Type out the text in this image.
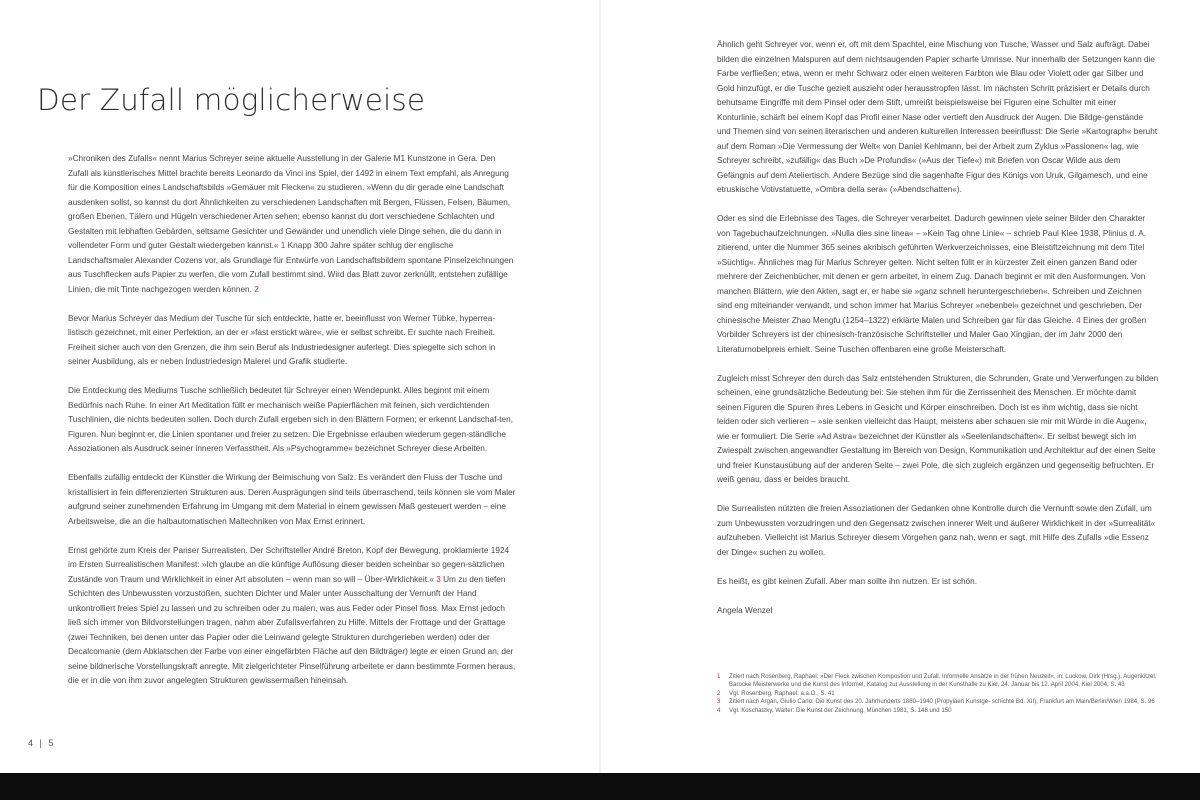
Der Zufall möglicherweise

»Chroniken des Zufalls« nennt Marius Schreyer seine aktuelle Ausstellung in der Galerie M1 Kunstzone in Gera. Den Zufall als künstlerisches Mittel brachte bereits Leonardo da Vinci ins Spiel, der 1492 in einem Text empfahl, als Anregung für die Komposition eines Landschaftsbilds »Gemäuer mit Flecken« zu studieren. »Wenn du dir gerade eine Landschaft ausdenken sollst, so kannst du dort Ähnlichkeiten zu verschiedenen Landschaften mit Bergen, Flüssen, Felsen, Bäumen, großen Ebenen, Tälern und Hügeln verschiedener Arten sehen; ebenso kannst du dort verschiedene Schlachten und Gestalten mit lebhaften Gebärden, seltsame Gesichter und Gewänder und unendlich viele Dinge sehen, die du dann in vollendeter Form und guter Gestalt wiedergeben kannst.« 1 Knapp 300 Jahre später schlug der englische Landschaftsmaler Alexander Cozens vor, als Grundlage für Entwürfe von Landschaftsbildern spontane Pinselzeichnungen aus Tuschflecken aufs Papier zu werfen, die vom Zufall bestimmt sind. Wird das Blatt zuvor zerknüllt, entstehen zufällige Linien, die mit Tinte nachgezogen werden können. 2

Bevor Marius Schreyer das Medium der Tusche für sich entdeckte, hatte er, beeinflusst von Werner Tübke, hyperrea-listisch gezeichnet, mit einer Perfektion, an der er »fast erstickt wäre«, wie er selbst schreibt. Er suchte nach Freiheit. Freiheit sicher auch von den Grenzen, die ihm sein Beruf als Industriedesigner auferlegt. Dies spiegelte sich schon in seiner Ausbildung, als er neben Industriedesign Malerei und Grafik studierte.

Die Entdeckung des Mediums Tusche schließlich bedeutet für Schreyer einen Wendepunkt. Alles beginnt mit einem Bedürfnis nach Ruhe. In einer Art Meditation füllt er mechanisch weiße Papierflächen mit feinen, sich verdichtenden Tuschlinien, die nichts bedeuten sollen. Doch durch Zufall ergeben sich in den Blättern Formen; er erkennt Landschaf-ten, Figuren. Nun beginnt er, die Linien spontaner und freier zu setzen. Die Ergebnisse erlauben wiederum gegen-ständliche Assoziationen als Ausdruck seiner inneren Verfasstheit. Als »Psychogramme« bezeichnet Schreyer diese Arbeiten.

Ebenfalls zufällig entdeckt der Künstler die Wirkung der Beimischung von Salz. Es verändert den Fluss der Tusche und kristallisiert in fein differenzierten Strukturen aus. Deren Ausprägungen sind teils überraschend, teils können sie vom Maler aufgrund seiner zunehmenden Erfahrung im Umgang mit dem Material in einem gewissen Maß gesteuert werden – eine Arbeitsweise, die an die halbautomatischen Maltechniken von Max Ernst erinnert.

Ernst gehörte zum Kreis der Pariser Surrealisten. Der Schriftsteller André Breton, Kopf der Bewegung, proklamierte 1924 im Ersten Surrealistischen Manifest: »Ich glaube an die künftige Auflösung dieser beiden scheinbar so gegen-sätzlichen Zustände von Traum und Wirklichkeit in einer Art absoluten – wenn man so will – Über-Wirklichkeit.« 3 Um zu den tiefen Schichten des Unbewussten vorzustoßen, suchten Dichter und Maler unter Ausschaltung der Vernunft der Hand unkontrolliert freies Spiel zu lassen und zu schreiben oder zu malen, was aus Feder oder Pinsel floss. Max Ernst jedoch ließ sich immer von Bildvorstellungen tragen, nahm aber Zufallsverfahren zu Hilfe. Mittels der Frottage und der Grattage (zwei Techniken, bei denen unter das Papier oder die Leinwand gelegte Strukturen durchgerieben werden) oder der Decalcomanie (dem Abklatschen der Farbe von einer eingefärbten Fläche auf den Bildträger) legte er einen Grund an, der seine bildnerische Vorstellungskraft anregte. Mit zielgerichteter Pinselführung arbeitete er dann bestimmte Formen heraus, die er in die von ihm zuvor angelegten Strukturen gewissermaßen hineinsah.

Ähnlich geht Schreyer vor, wenn er, oft mit dem Spachtel, eine Mischung von Tusche, Wasser und Salz aufträgt. Dabei bilden die einzelnen Malspuren auf dem nichtsaugenden Papier scharfe Umrisse. Nur innerhalb der Setzungen kann die Farbe verfließen; etwa, wenn er mehr Schwarz oder einen weiteren Farbton wie Blau oder Violett oder gar Silber und Gold hinzufügt, er die Tusche gezielt auszieht oder herausstropfen lässt. Im nächsten Schritt präzisiert er Details durch behutsame Eingriffe mit dem Pinsel oder dem Stift, umreißt beispielsweise bei Figuren eine Schulter mit einer Konturlinie, schärft bei einem Kopf das Profil einer Nase oder vertieft den Ausdruck der Augen. Die Bildge-genstände und Themen sind von seinen literarischen und anderen kulturellen Interessen beeinflusst: Die Serie »Kartograph« beruht auf dem Roman »Die Vermessung der Welt« von Daniel Kehlmann, bei der Arbeit zum Zyklus »Passionen« lag, wie Schreyer schreibt, »zufällig« das Buch »De Profundis« (»Aus der Tiefe«) mit Briefen von Oscar Wilde aus dem Gefängnis auf dem Ateliertisch. Andere Bezüge sind die sagenhafte Figur des Königs von Uruk, Gilgamesch, und eine etruskische Votivstatuette, »Ombra della sera« (»Abendschatten«).

Oder es sind die Erlebnisse des Tages, die Schreyer verarbeitet. Dadurch gewinnen viele seiner Bilder den Charakter von Tagebuchaufzeichnungen. »Nulla dies sine linea« – »Kein Tag ohne Linie« – schrieb Paul Klee 1938, Plinius d. A. zitierend, unter die Nummer 365 seines akribisch geführten Werkverzeichnisses, eine Bleistiftzeichnung mit dem Titel »Süchtig«. Ähnliches mag für Marius Schreyer gelten. Nicht selten füllt er in kürzester Zeit einen ganzen Band oder mehrere der Zeichenbücher, mit denen er gern arbeitet, in einem Zug. Danach beginnt er mit den Ausformungen. Von manchen Blättern, wie den Akten, sagt er, er habe sie »ganz schnell heruntergeschrieben«. Schreiben und Zeichnen sind eng miteinander verwandt, und schon immer hat Marius Schreyer »nebenbei« gezeichnet und geschrieben. Der chinesische Meister Zhao Mengfu (1254–1322) erklärte Malen und Schreiben gar für das Gleiche. 4 Eines der großen Vorbilder Schreyers ist der chinesisch-französische Schriftsteller und Maler Gao Xingjian, der im Jahr 2000 den Literaturnobelpreis erhielt. Seine Tuschen offenbaren eine große Meisterschaft.

Zugleich misst Schreyer den durch das Salz entstehenden Strukturen, die Schrunden, Grate und Verwerfungen zu bilden scheinen, eine grundsätzliche Bedeutung bei: Sie stehen ihm für die Zerrissenheit des Menschen. Er möchte damit seinen Figuren die Spuren ihres Lebens in Gesicht und Körper einschreiben. Doch ist es ihm wichtig, dass sie nicht leiden oder sich verlieren – »sie senken vielleicht das Haupt, meistens aber schauen sie mir mit Würde in die Augen«, wie er formuliert. Die Serie »Ad Astra« bezeichnet der Künstler als »Seelenlandschaften«. Er selbst bewegt sich im Zwiespalt zwischen angewandter Gestaltung im Bereich von Design, Kommunikation und Architektur auf der einen Seite und freier Kunstausübung auf der anderen Seite – zwei Pole, die sich zugleich ergänzen und gegenseitig befruchten. Er weiß genau, dass er beides braucht.

Die Surrealisten nützten die freien Assoziationen der Gedanken ohne Kontrolle durch die Vernunft sowie den Zufall, um zum Unbewussten vorzudringen und den Gegensatz zwischen innerer Welt und äußerer Wirklichkeit in der »Surrealität« aufzuheben. Vielleicht ist Marius Schreyer diesem Vorgehen ganz nah, wenn er sagt, mit Hilfe des Zufalls »die Essenz der Dinge« suchen zu wollen.

Es heißt, es gibt keinen Zufall. Aber man sollte ihn nutzen. Er ist schön.

Angela Wenzel

1	Zitiert nach Rosenberg, Raphael: »Der Fleck zwischen Kompostion und Zufall. Informelle Ansätze in der frühen Neuzeit«, in: Luckow, Dirk (Hrsg.), Augenkitzel. Barocke Meisterwerke und die Kunst des Informel, Katalog zur Ausstellung in der Kunsthalle zu Kiel, 24. Januar bis 12. April 2004, Kiel 2004, S. 43
2	Vgl. Rosenberg, Raphael: a.a.O., S. 41
3	Zitiert nach Argan, Giulio Carlo: Die Kunst des 20. Jahrhunderts 1880–1940 (Propyläen Kunstge- schichte Bd. XII), Frankfurt am Main/Berlin/Wien 1984, S. 96
4	Vgl. Koschatzky, Walter: Die Kunst der Zeichnung, München 1981, S. 148 und 150
4 | 5
